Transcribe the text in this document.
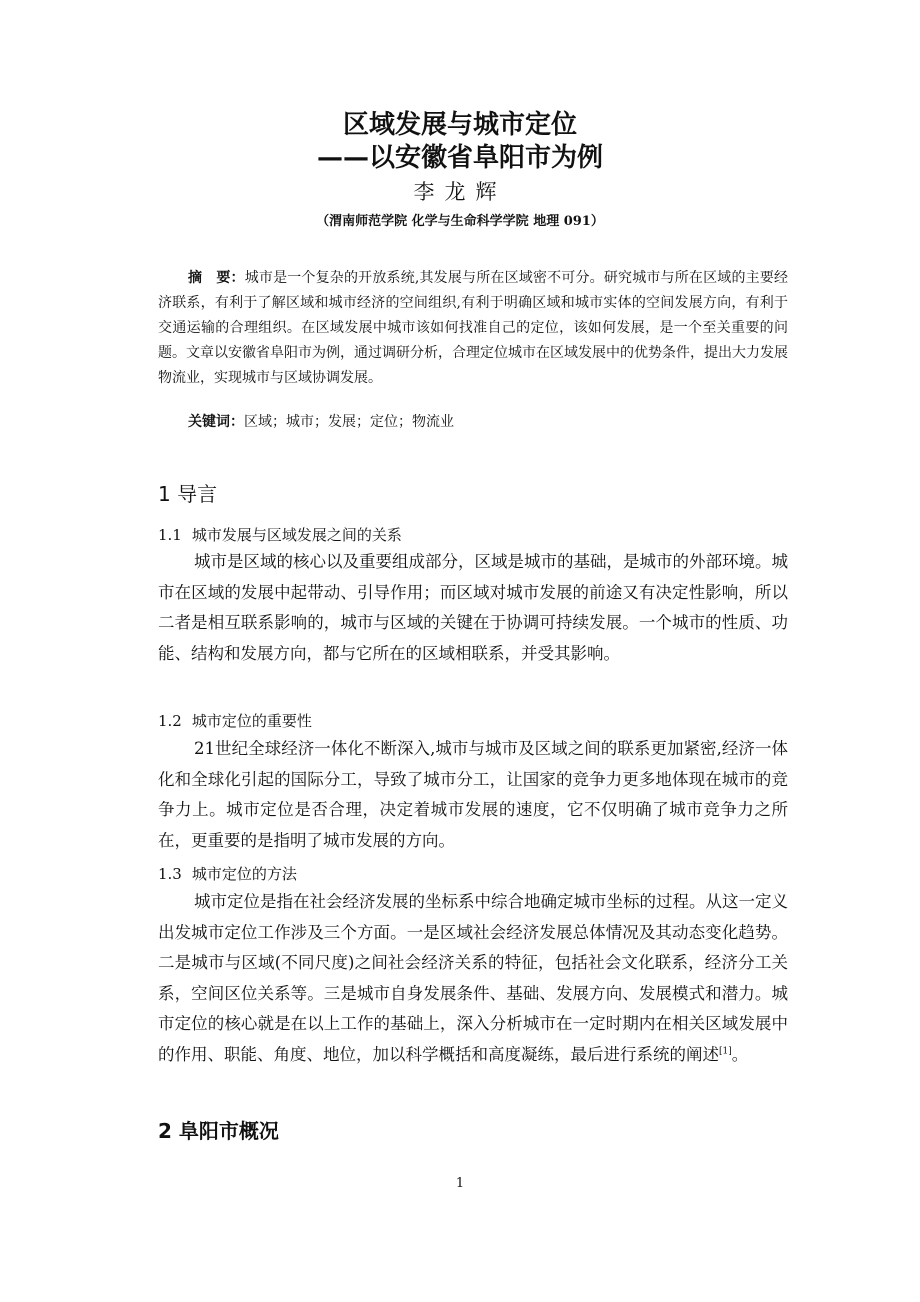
区域发展与城市定位
——以安徽省阜阳市为例
李龙辉
（渭南师范学院 化学与生命科学学院 地理 091）
摘　要：城市是一个复杂的开放系统,其发展与所在区域密不可分。研究城市与所在区域的主要经济联系，有利于了解区域和城市经济的空间组织,有利于明确区域和城市实体的空间发展方向，有利于交通运输的合理组织。在区域发展中城市该如何找准自己的定位，该如何发展，是一个至关重要的问题。文章以安徽省阜阳市为例，通过调研分析，合理定位城市在区域发展中的优势条件，提出大力发展物流业，实现城市与区域协调发展。
关键词：区域；城市；发展；定位；物流业
1 导言
1.1 城市发展与区域发展之间的关系
城市是区域的核心以及重要组成部分，区域是城市的基础，是城市的外部环境。城市在区域的发展中起带动、引导作用；而区域对城市发展的前途又有决定性影响，所以二者是相互联系影响的，城市与区域的关键在于协调可持续发展。一个城市的性质、功能、结构和发展方向，都与它所在的区域相联系，并受其影响。
1.2 城市定位的重要性
21世纪全球经济一体化不断深入,城市与城市及区域之间的联系更加紧密,经济一体化和全球化引起的国际分工，导致了城市分工，让国家的竞争力更多地体现在城市的竞争力上。城市定位是否合理，决定着城市发展的速度，它不仅明确了城市竞争力之所在，更重要的是指明了城市发展的方向。
1.3 城市定位的方法
城市定位是指在社会经济发展的坐标系中综合地确定城市坐标的过程。从这一定义出发城市定位工作涉及三个方面。一是区域社会经济发展总体情况及其动态变化趋势。二是城市与区域(不同尺度)之间社会经济关系的特征，包括社会文化联系，经济分工关系，空间区位关系等。三是城市自身发展条件、基础、发展方向、发展模式和潜力。城市定位的核心就是在以上工作的基础上，深入分析城市在一定时期内在相关区域发展中的作用、职能、角度、地位，加以科学概括和高度凝练，最后进行系统的阐述[1]。
2 阜阳市概况
1
